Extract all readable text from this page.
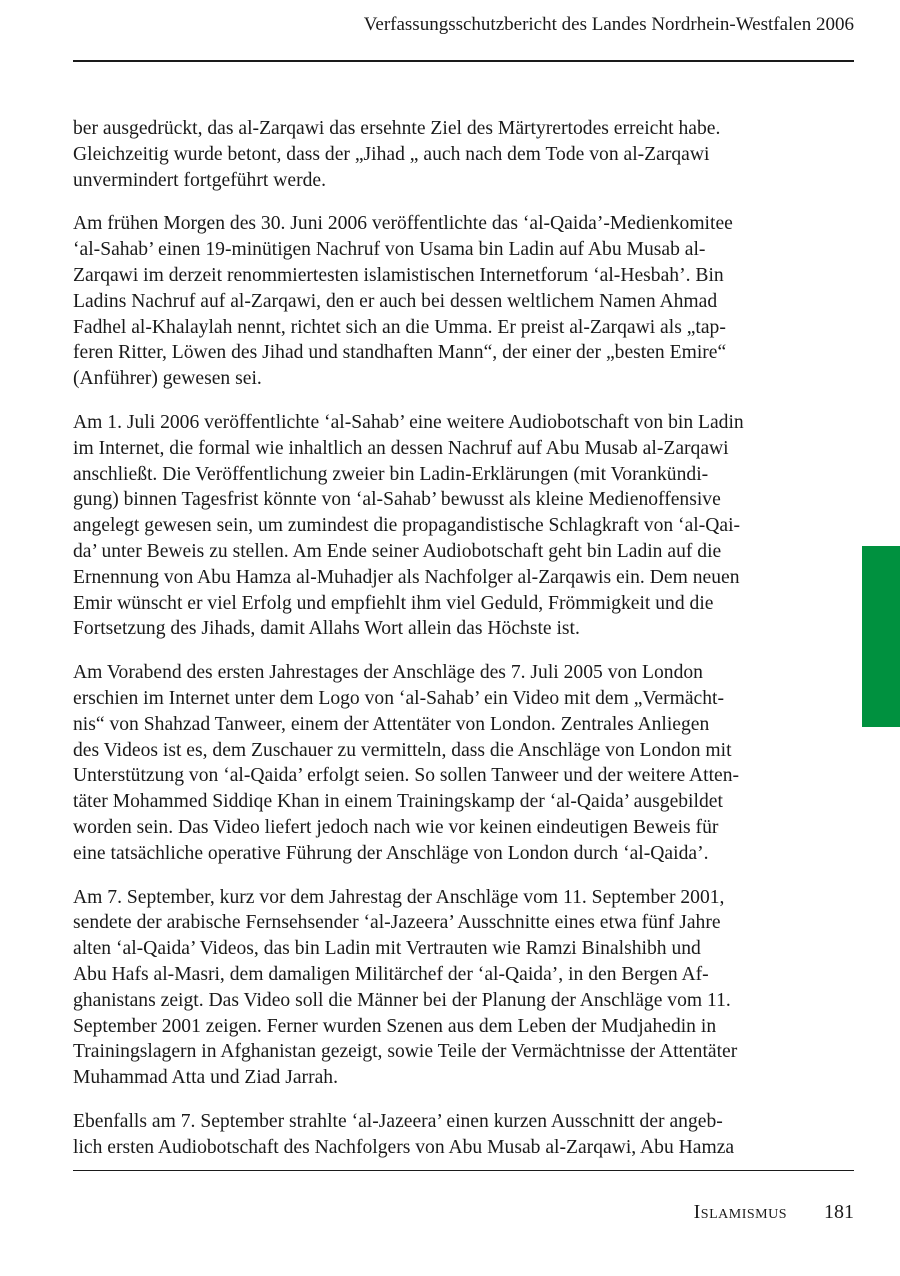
Verfassungsschutzbericht des Landes Nordrhein-Westfalen 2006

ber ausgedrückt, das al-Zarqawi das ersehnte Ziel des Märtyrertodes erreicht habe.
Gleichzeitig wurde betont, dass der „Jihad „ auch nach dem Tode von al-Zarqawi
unvermindert fortgeführt werde.

Am frühen Morgen des 30. Juni 2006 veröffentlichte das ‘al-Qaida’-Medienkomitee
‘al-Sahab’ einen 19-minütigen Nachruf von Usama bin Ladin auf Abu Musab al-
Zarqawi im derzeit renommiertesten islamistischen Internetforum ‘al-Hesbah’. Bin
Ladins Nachruf auf al-Zarqawi, den er auch bei dessen weltlichem Namen Ahmad
Fadhel al-Khalaylah nennt, richtet sich an die Umma. Er preist al-Zarqawi als „tap-
feren Ritter, Löwen des Jihad und standhaften Mann“, der einer der „besten Emire“
(Anführer) gewesen sei.

Am 1. Juli 2006 veröffentlichte ‘al-Sahab’ eine weitere Audiobotschaft von bin Ladin
im Internet, die formal wie inhaltlich an dessen Nachruf auf Abu Musab al-Zarqawi
anschließt. Die Veröffentlichung zweier bin Ladin-Erklärungen (mit Vorankündi-
gung) binnen Tagesfrist könnte von ‘al-Sahab’ bewusst als kleine Medienoffensive
angelegt gewesen sein, um zumindest die propagandistische Schlagkraft von ‘al-Qai-
da’ unter Beweis zu stellen. Am Ende seiner Audiobotschaft geht bin Ladin auf die
Ernennung von Abu Hamza al-Muhadjer als Nachfolger al-Zarqawis ein. Dem neuen
Emir wünscht er viel Erfolg und empfiehlt ihm viel Geduld, Frömmigkeit und die
Fortsetzung des Jihads, damit Allahs Wort allein das Höchste ist.

Am Vorabend des ersten Jahrestages der Anschläge des 7. Juli 2005 von London
erschien im Internet unter dem Logo von ‘al-Sahab’ ein Video mit dem „Vermächt-
nis“ von Shahzad Tanweer, einem der Attentäter von London. Zentrales Anliegen
des Videos ist es, dem Zuschauer zu vermitteln, dass die Anschläge von London mit
Unterstützung von ‘al-Qaida’ erfolgt seien. So sollen Tanweer und der weitere Atten-
täter Mohammed Siddiqe Khan in einem Trainingskamp der ‘al-Qaida’ ausgebildet
worden sein. Das Video liefert jedoch nach wie vor keinen eindeutigen Beweis für
eine tatsächliche operative Führung der Anschläge von London durch ‘al-Qaida’.

Am 7. September, kurz vor dem Jahrestag der Anschläge vom 11. September 2001,
sendete der arabische Fernsehsender ‘al-Jazeera’ Ausschnitte eines etwa fünf Jahre
alten ‘al-Qaida’ Videos, das bin Ladin mit Vertrauten wie Ramzi Binalshibh und
Abu Hafs al-Masri, dem damaligen Militärchef der ‘al-Qaida’, in den Bergen Af-
ghanistans zeigt. Das Video soll die Männer bei der Planung der Anschläge vom 11.
September 2001 zeigen. Ferner wurden Szenen aus dem Leben der Mudjahedin in
Trainingslagern in Afghanistan gezeigt, sowie Teile der Vermächtnisse der Attentäter
Muhammad Atta und Ziad Jarrah.

Ebenfalls am 7. September strahlte ‘al-Jazeera’ einen kurzen Ausschnitt der angeb-
lich ersten Audiobotschaft des Nachfolgers von Abu Musab al-Zarqawi, Abu Hamza

Islamismus 181
